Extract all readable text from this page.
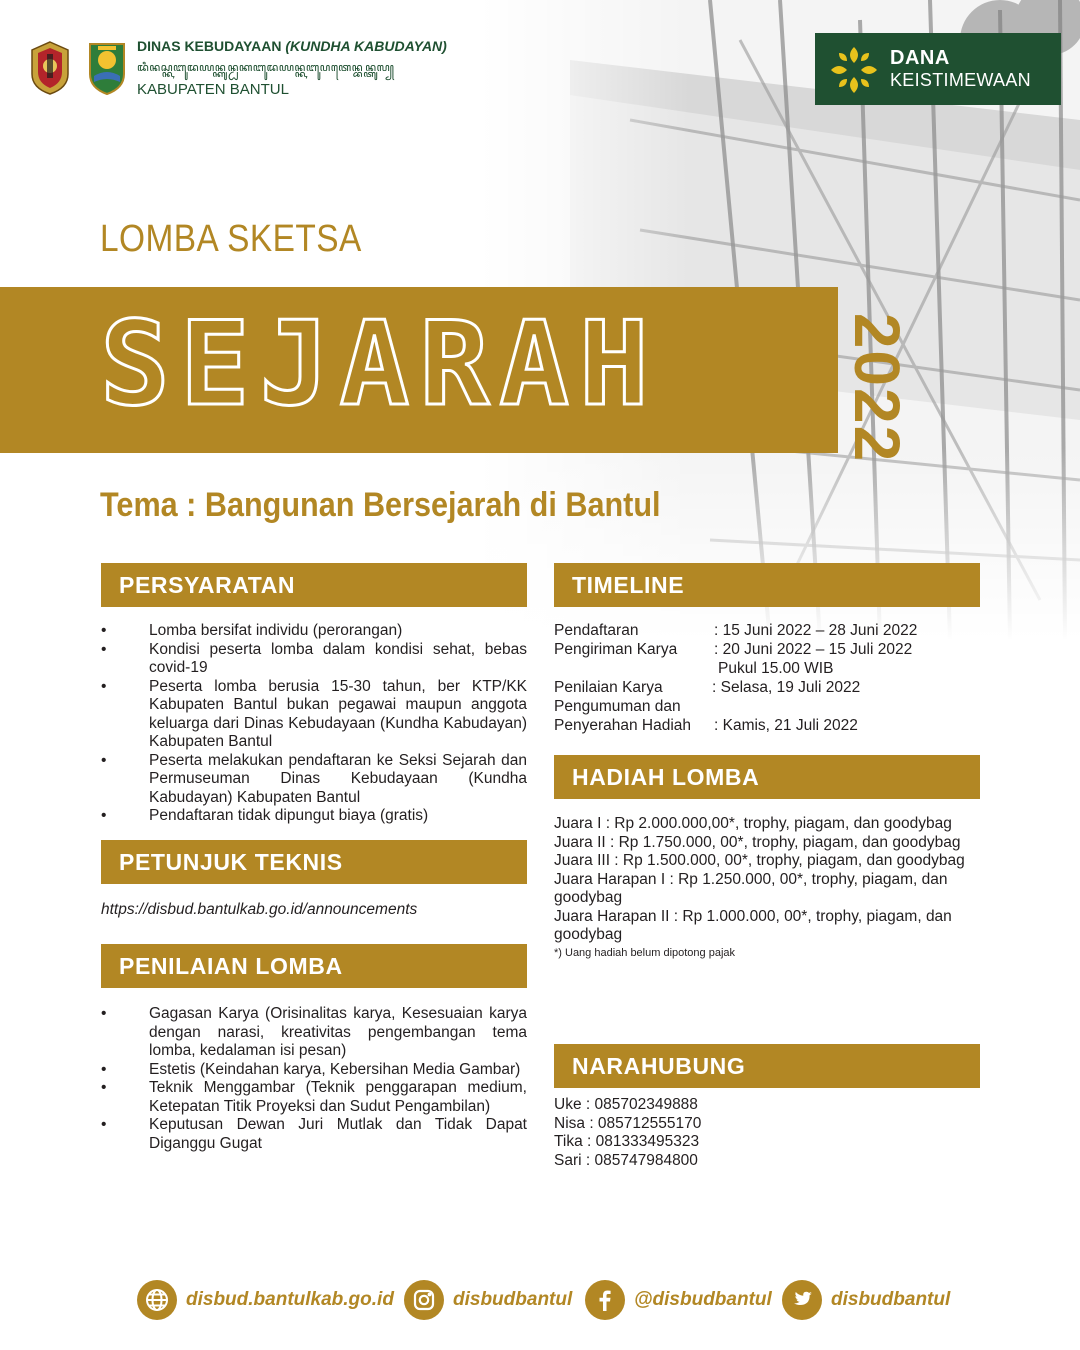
DINAS KEBUDAYAAN (KUNDHA KABUDAYAN)
ꦢꦶꦤꦱ꧀ꦏꦧꦸꦢꦪꦤ꧀ꦏꦸꦤ꧀ꦝꦏꦧꦸꦢꦪꦤ꧀ꦏꦧꦸꦥꦠꦺꦤ꧀ꦧꦤ꧀ꦠꦸꦭ꧀
KABUPATEN BANTUL
DANA
KEISTIMEWAAN
LOMBA SKETSA
SEJARAH	2022
Tema : Bangunan Bersejarah di Bantul
PERSYARATAN
•	Lomba bersifat individu (perorangan)
•	Kondisi peserta lomba dalam kondisi sehat, bebas covid-19
•	Peserta lomba berusia 15-30 tahun, ber KTP/KK Kabupaten Bantul bukan pegawai maupun anggota keluarga dari Dinas Kebudayaan (Kundha Kabudayan) Kabupaten Bantul
•	Peserta melakukan pendaftaran ke Seksi Sejarah dan Permuseuman Dinas Kebudayaan (Kundha Kabudayan) Kabupaten Bantul
•	Pendaftaran tidak dipungut biaya (gratis)
PETUNJUK TEKNIS
https://disbud.bantulkab.go.id/announcements
PENILAIAN LOMBA
•	Gagasan Karya (Orisinalitas karya, Kesesuaian karya dengan narasi, kreativitas pengembangan tema lomba, kedalaman isi pesan)
•	Estetis (Keindahan karya, Kebersihan Media Gambar)
•	Teknik Menggambar (Teknik penggarapan medium, Ketepatan Titik Proyeksi dan Sudut Pengambilan)
•	Keputusan Dewan Juri Mutlak dan Tidak Dapat Diganggu Gugat
TIMELINE
Pendaftaran	: 15 Juni 2022 – 28 Juni 2022
Pengiriman Karya : 20 Juni 2022 – 15 Juli 2022
Pukul 15.00 WIB
Penilaian Karya	: Selasa, 19 Juli 2022
Pengumuman dan
Penyerahan Hadiah : Kamis, 21 Juli 2022
HADIAH LOMBA
Juara I : Rp 2.000.000,00*, trophy, piagam, dan goodybag
Juara II : Rp 1.750.000, 00*, trophy, piagam, dan goodybag
Juara III : Rp 1.500.000, 00*, trophy, piagam, dan goodybag
Juara Harapan I : Rp 1.250.000, 00*, trophy, piagam, dan goodybag
Juara Harapan II : Rp 1.000.000, 00*, trophy, piagam, dan goodybag
*) Uang hadiah belum dipotong pajak
NARAHUBUNG
Uke : 085702349888
Nisa : 085712555170
Tika : 081333495323
Sari : 085747984800
disbud.bantulkab.go.id	disbudbantul	@disbudbantul	disbudbantul
